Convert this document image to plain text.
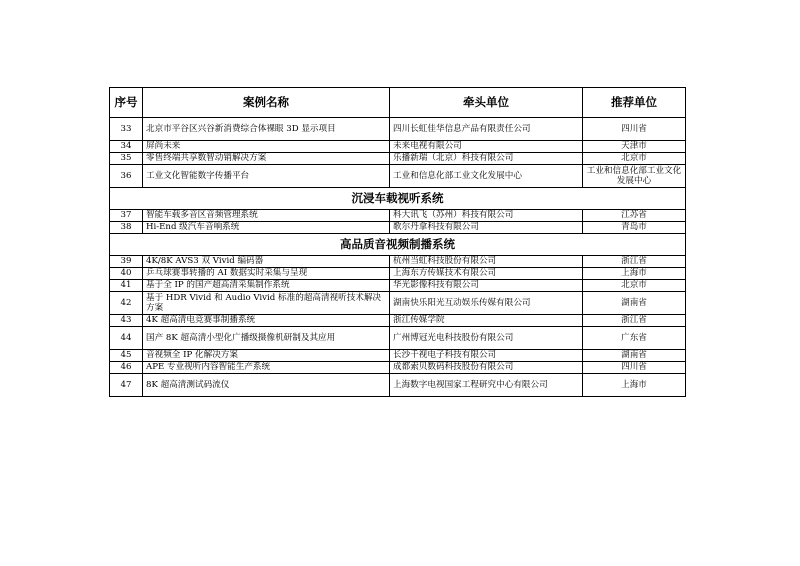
序号	案例名称	牵头单位	推荐单位
33	北京市平谷区兴谷新消费综合体裸眼 3D 显示项目	四川长虹佳华信息产品有限责任公司	四川省
34	屏尚未来	未来电视有限公司	天津市
35	零售终端共享数智动销解决方案	乐播新瑞（北京）科技有限公司	北京市
36	工业文化智能数字传播平台	工业和信息化部工业文化发展中心	工业和信息化部工业文化发展中心
沉浸车载视听系统			
37	智能车载多音区音频管理系统	科大讯飞（苏州）科技有限公司	江苏省
38	Hi-End 级汽车音响系统	歌尔丹拿科技有限公司	青岛市
高品质音视频制播系统			
39	4K/8K AVS3 双 Vivid 编码器	杭州当虹科技股份有限公司	浙江省
40	乒乓球赛事转播的 AI 数据实时采集与呈现	上海东方传媒技术有限公司	上海市
41	基于全 IP 的国产超高清采集制作系统	华光影像科技有限公司	北京市
42	基于 HDR Vivid 和 Audio Vivid 标准的超高清视听技术解决方案	湖南快乐阳光互动娱乐传媒有限公司	湖南省
43	4K 超高清电竞赛事制播系统	浙江传媒学院	浙江省
44	国产 8K 超高清小型化广播级摄像机研制及其应用	广州博冠光电科技股份有限公司	广东省
45	音视频全 IP 化解决方案	长沙千视电子科技有限公司	湖南省
46	APE 专业视听内容智能生产系统	成都索贝数码科技股份有限公司	四川省
47	8K 超高清测试码流仪	上海数字电视国家工程研究中心有限公司	上海市
